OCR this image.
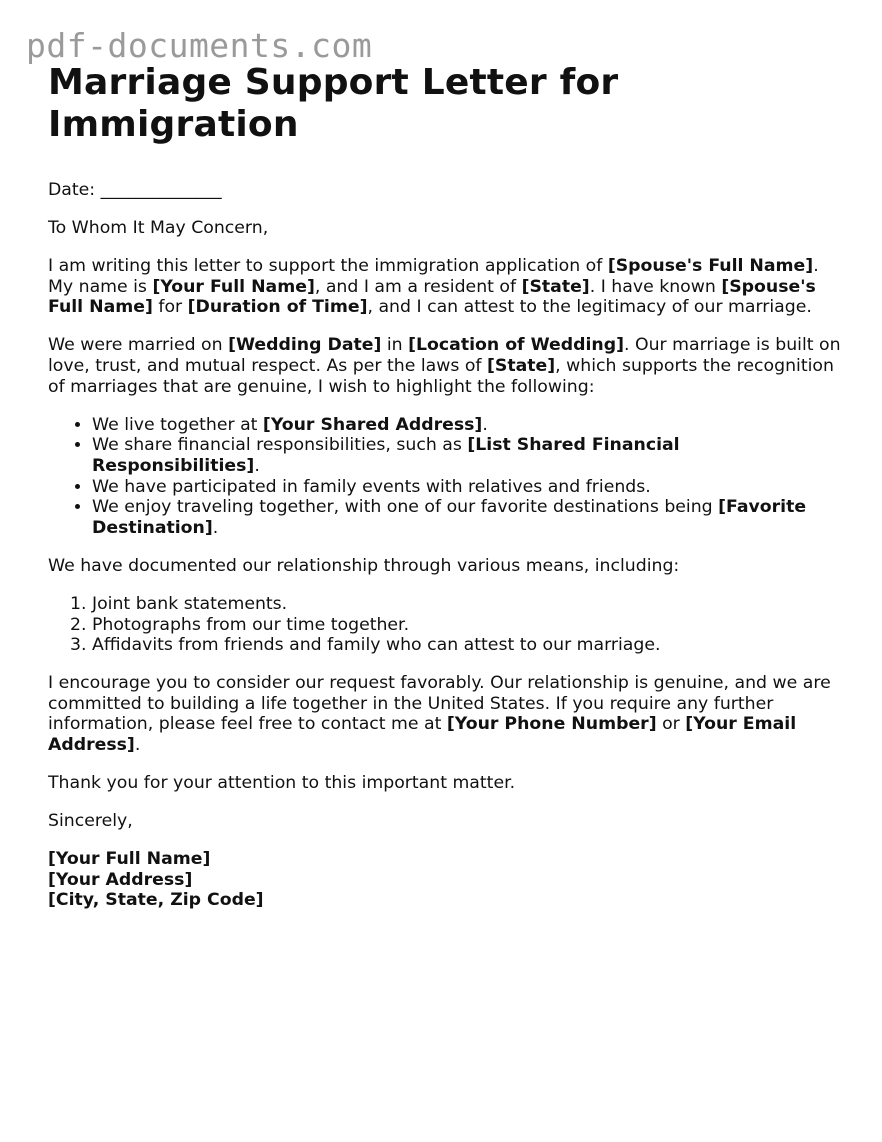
pdf-documents.com
Marriage Support Letter for Immigration

Date: ______________

To Whom It May Concern,

I am writing this letter to support the immigration application of [Spouse's Full Name]. My name is [Your Full Name], and I am a resident of [State]. I have known [Spouse's Full Name] for [Duration of Time], and I can attest to the legitimacy of our marriage.

We were married on [Wedding Date] in [Location of Wedding]. Our marriage is built on love, trust, and mutual respect. As per the laws of [State], which supports the recognition of marriages that are genuine, I wish to highlight the following:

• We live together at [Your Shared Address].
• We share financial responsibilities, such as [List Shared Financial Responsibilities].
• We have participated in family events with relatives and friends.
• We enjoy traveling together, with one of our favorite destinations being [Favorite Destination].

We have documented our relationship through various means, including:

1. Joint bank statements.
2. Photographs from our time together.
3. Affidavits from friends and family who can attest to our marriage.

I encourage you to consider our request favorably. Our relationship is genuine, and we are committed to building a life together in the United States. If you require any further information, please feel free to contact me at [Your Phone Number] or [Your Email Address].

Thank you for your attention to this important matter.

Sincerely,

[Your Full Name]

[Your Address]

[City, State, Zip Code]
